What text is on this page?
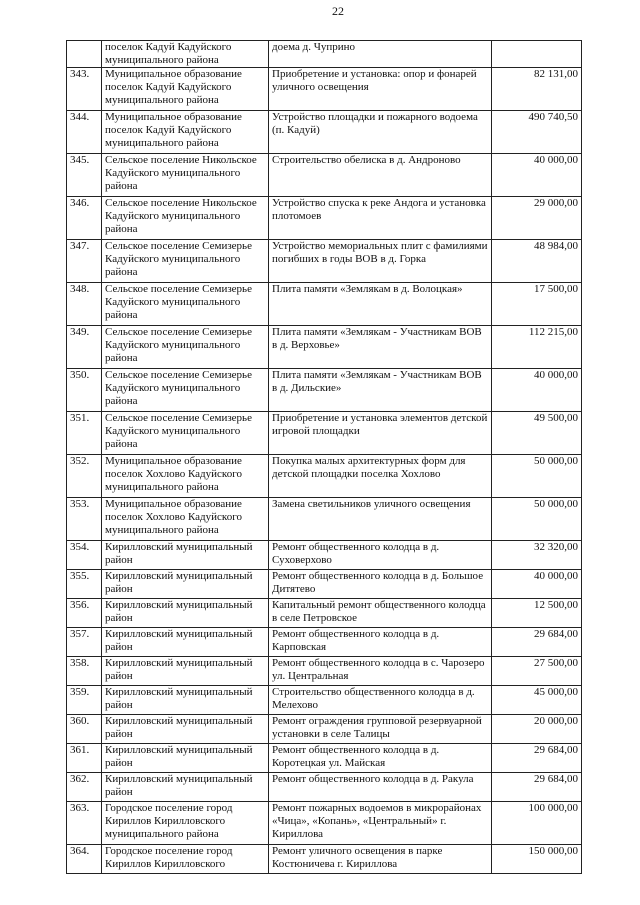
22
	поселок Кадуй Кадуйского муниципального района	доема д. Чуприно	
343.	Муниципальное образование поселок Кадуй Кадуйского муниципального района	Приобретение и установка: опор и фонарей уличного освещения	82 131,00
344.	Муниципальное образование поселок Кадуй Кадуйского муниципального района	Устройство площадки и пожарного водоема (п. Кадуй)	490 740,50
345.	Сельское поселение Никольское Кадуйского муниципального района	Строительство обелиска в д. Андроново	40 000,00
346.	Сельское поселение Никольское Кадуйского муниципального района	Устройство спуска к реке Андога и установка плотомоев	29 000,00
347.	Сельское поселение Семизерье Кадуйского муниципального района	Устройство мемориальных плит с фамилиями погибших в годы ВОВ в д. Горка	48 984,00
348.	Сельское поселение Семизерье Кадуйского муниципального района	Плита памяти «Землякам в д. Волоцкая»	17 500,00
349.	Сельское поселение Семизерье Кадуйского муниципального района	Плита памяти «Землякам - Участникам ВОВ в д. Верховье»	112 215,00
350.	Сельское поселение Семизерье Кадуйского муниципального района	Плита памяти «Землякам - Участникам ВОВ в д. Дильские»	40 000,00
351.	Сельское поселение Семизерье Кадуйского муниципального района	Приобретение и установка элементов детской игровой площадки	49 500,00
352.	Муниципальное образование поселок Хохлово Кадуйского муниципального района	Покупка малых архитектурных форм для детской площадки поселка Хохлово	50 000,00
353.	Муниципальное образование поселок Хохлово Кадуйского муниципального района	Замена светильников уличного освещения	50 000,00
354.	Кирилловский муниципальный район	Ремонт общественного колодца в д. Суховерхово	32 320,00
355.	Кирилловский муниципальный район	Ремонт общественного колодца в д. Большое Дитятево	40 000,00
356.	Кирилловский муниципальный район	Капитальный ремонт общественного колодца в селе Петровское	12 500,00
357.	Кирилловский муниципальный район	Ремонт общественного колодца в д. Карповская	29 684,00
358.	Кирилловский муниципальный район	Ремонт общественного колодца в с. Чарозеро ул. Центральная	27 500,00
359.	Кирилловский муниципальный район	Строительство общественного колодца в д. Мелехово	45 000,00
360.	Кирилловский муниципальный район	Ремонт ограждения групповой резервуарной установки в селе Талицы	20 000,00
361.	Кирилловский муниципальный район	Ремонт общественного колодца в д. Коротецкая ул. Майская	29 684,00
362.	Кирилловский муниципальный район	Ремонт общественного колодца в д. Ракула	29 684,00
363.	Городское поселение город Кириллов Кирилловского муниципального района	Ремонт пожарных водоемов в микрорайонах «Чица», «Копань», «Центральный» г. Кириллова	100 000,00
364.	Городское поселение город Кириллов Кирилловского	Ремонт уличного освещения в парке Костюничева г. Кириллова	150 000,00
